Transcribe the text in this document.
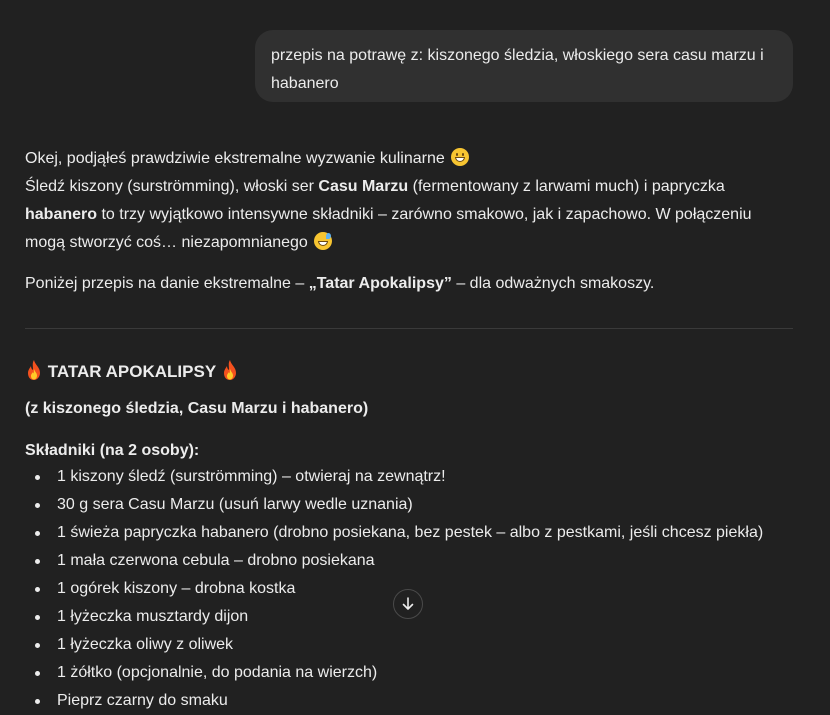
przepis na potrawę z: kiszonego śledzia, włoskiego sera casu marzu i habanero

Okej, podjąłeś prawdziwie ekstremalne wyzwanie kulinarne
Śledź kiszony (surströmming), włoski ser Casu Marzu (fermentowany z larwami much) i papryczka habanero to trzy wyjątkowo intensywne składniki – zarówno smakowo, jak i zapachowo. W połączeniu mogą stworzyć coś… niezapomnianego

Poniżej przepis na danie ekstremalne – „Tatar Apokalipsy” – dla odważnych smakoszy.

TATAR APOKALIPSY
(z kiszonego śledzia, Casu Marzu i habanero)
Składniki (na 2 osoby):
1 kiszony śledź (surströmming) – otwieraj na zewnątrz!
30 g sera Casu Marzu (usuń larwy wedle uznania)
1 świeża papryczka habanero (drobno posiekana, bez pestek – albo z pestkami, jeśli chcesz piekła)
1 mała czerwona cebula – drobno posiekana
1 ogórek kiszony – drobna kostka
1 łyżeczka musztardy dijon
1 łyżeczka oliwy z oliwek
1 żółtko (opcjonalnie, do podania na wierzch)
Pieprz czarny do smaku
